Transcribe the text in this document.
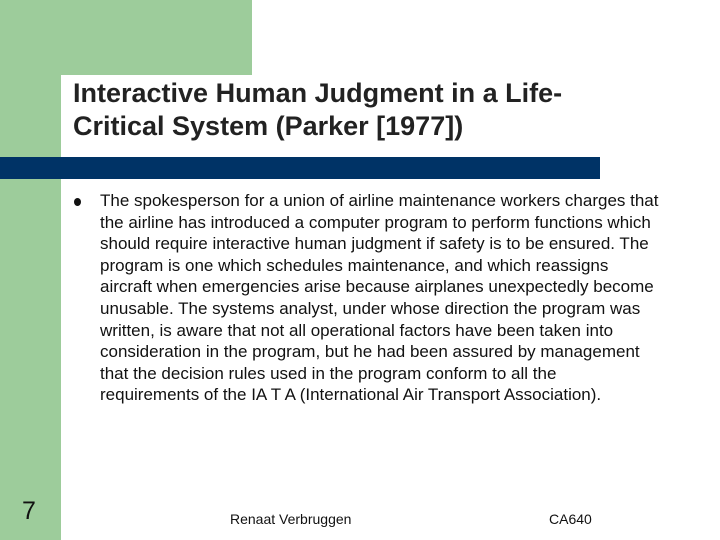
Interactive Human Judgment in a Life-
Critical System (Parker [1977])

The spokesperson for a union of airline maintenance workers charges that the airline has introduced a computer program to perform functions which should require interactive human judgment if safety is to be ensured. The program is one which schedules maintenance, and which reassigns aircraft when emergencies arise because airplanes unexpectedly become unusable. The systems analyst, under whose direction the program was written, is aware that not all operational factors have been taken into consideration in the program, but he had been assured by management that the decision rules used in the program conform to all the requirements of the IA T A (International Air Transport Association).

7	Renaat Verbruggen	CA640
